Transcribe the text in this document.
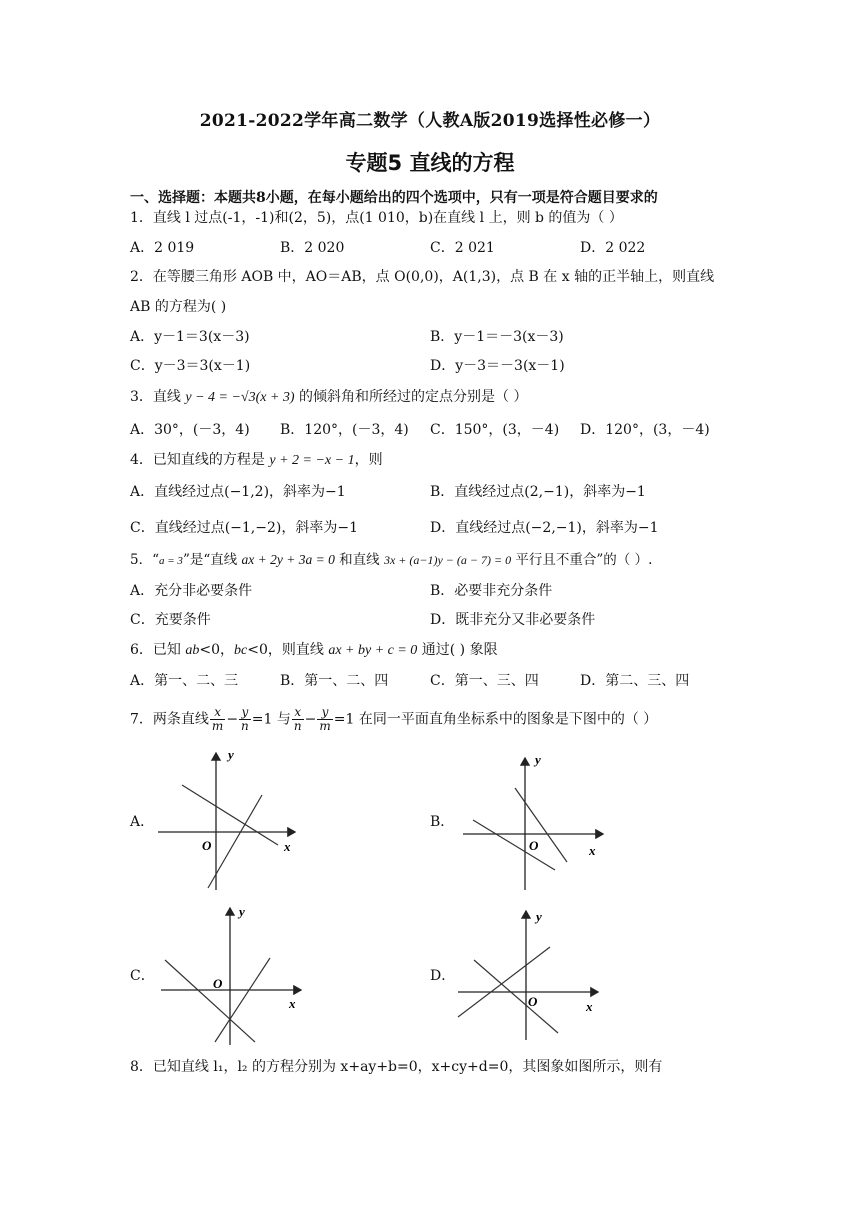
2021-2022学年高二数学（人教A版2019选择性必修一）
专题5 直线的方程
一、选择题：本题共8小题，在每小题给出的四个选项中，只有一项是符合题目要求的
1．直线 l 过点(-1，-1)和(2，5)，点(1 010，b)在直线 l 上，则 b 的值为（ ）
A．2 019	B．2 020	C．2 021	D．2 022
2．在等腰三角形 AOB 中，AO＝AB，点 O(0,0)，A(1,3)，点 B 在 x 轴的正半轴上，则直线
AB 的方程为( )
A．y－1＝3(x－3)	B．y－1＝－3(x－3)
C．y－3＝3(x－1)	D．y－3＝－3(x－1)
3．直线 y − 4 = −√3(x + 3) 的倾斜角和所经过的定点分别是（ ）
A．30°，(－3，4) B．120°，(－3，4) C．150°，(3，－4) D．120°，(3，－4)
4．已知直线的方程是 y + 2 = −x − 1，则
A．直线经过点(−1,2)，斜率为−1	B．直线经过点(2,−1)，斜率为−1
C．直线经过点(−1,−2)，斜率为−1	D．直线经过点(−2,−1)，斜率为−1
5．“a = 3”是“直线 ax + 2y + 3a = 0 和直线 3x + (a−1)y − (a − 7) = 0 平行且不重合”的（ ）.
A．充分非必要条件	B．必要非充分条件
C．充要条件	D．既非充分又非必要条件
6．已知 ab<0，bc<0，则直线 ax + by + c = 0 通过( ) 象限
A．第一、二、三	B．第一、二、四	C．第一、三、四	D．第二、三、四
7．两条直线 $\frac{x}{m} - \frac{y}{n} =1$ 与 $\frac{x}{n} - \frac{y}{m} =1$ 在同一平面直角坐标系中的图象是下图中的（ ）
A．	B．
C．	D．
y
x
O
y
x
O
y
x
O
y
x
O
8．已知直线 l₁，l₂ 的方程分别为 x+ay+b=0，x+cy+d=0，其图象如图所示，则有
